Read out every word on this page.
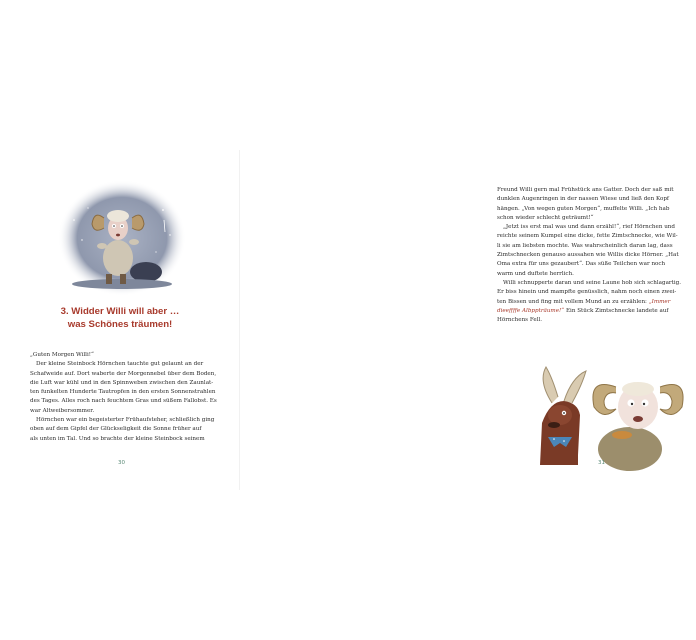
3. Widder Willi will aber …
was Schönes träumen!
„Guten Morgen Willi!“
Der kleine Steinbock Hörnchen tauchte gut gelaunt an der
Schafweide auf. Dort waberte der Morgennebel über dem Boden,
die Luft war kühl und in den Spinnweben zwischen den Zaunlat-
ten funkelten Hunderte Tautropfen in den ersten Sonnenstrahlen
des Tages. Alles roch nach feuchtem Gras und süßem Fallobst. Es
war Altweibersommer.
Hörnchen war ein begeisterter Frühaufsteher, schließlich ging
oben auf dem Gipfel der Glückseligkeit die Sonne früher auf
als unten im Tal. Und so brachte der kleine Steinbock seinem
30
Freund Willi gern mal Frühstück ans Gatter. Doch der saß mit
dunklen Augenringen in der nassen Wiese und ließ den Kopf
hängen. „Von wegen guten Morgen“, muffelte Willi. „Ich hab
schon wieder schlecht geträumt!“
„Jetzt iss erst mal was und dann erzähl!“, rief Hörnchen und
reichte seinem Kumpel eine dicke, fette Zimtschnecke, wie Wil-
li sie am liebsten mochte. Was wahrscheinlich daran lag, dass
Zimtschnecken genauso aussahen wie Willis dicke Hörner. „Hat
Oma extra für uns gezaubert“. Das süße Teilchen war noch
warm und duftete herrlich.
Willi schnupperte daran und seine Laune hob sich schlagartig.
Er biss hinein und mampfte genüsslich, nahm noch einen zwei-
ten Bissen und fing mit vollem Mund an zu erzählen: „Immer
dieeffffe Albppträume!“ Ein Stück Zimtschnecke landete auf
Hörnchens Fell.
31
